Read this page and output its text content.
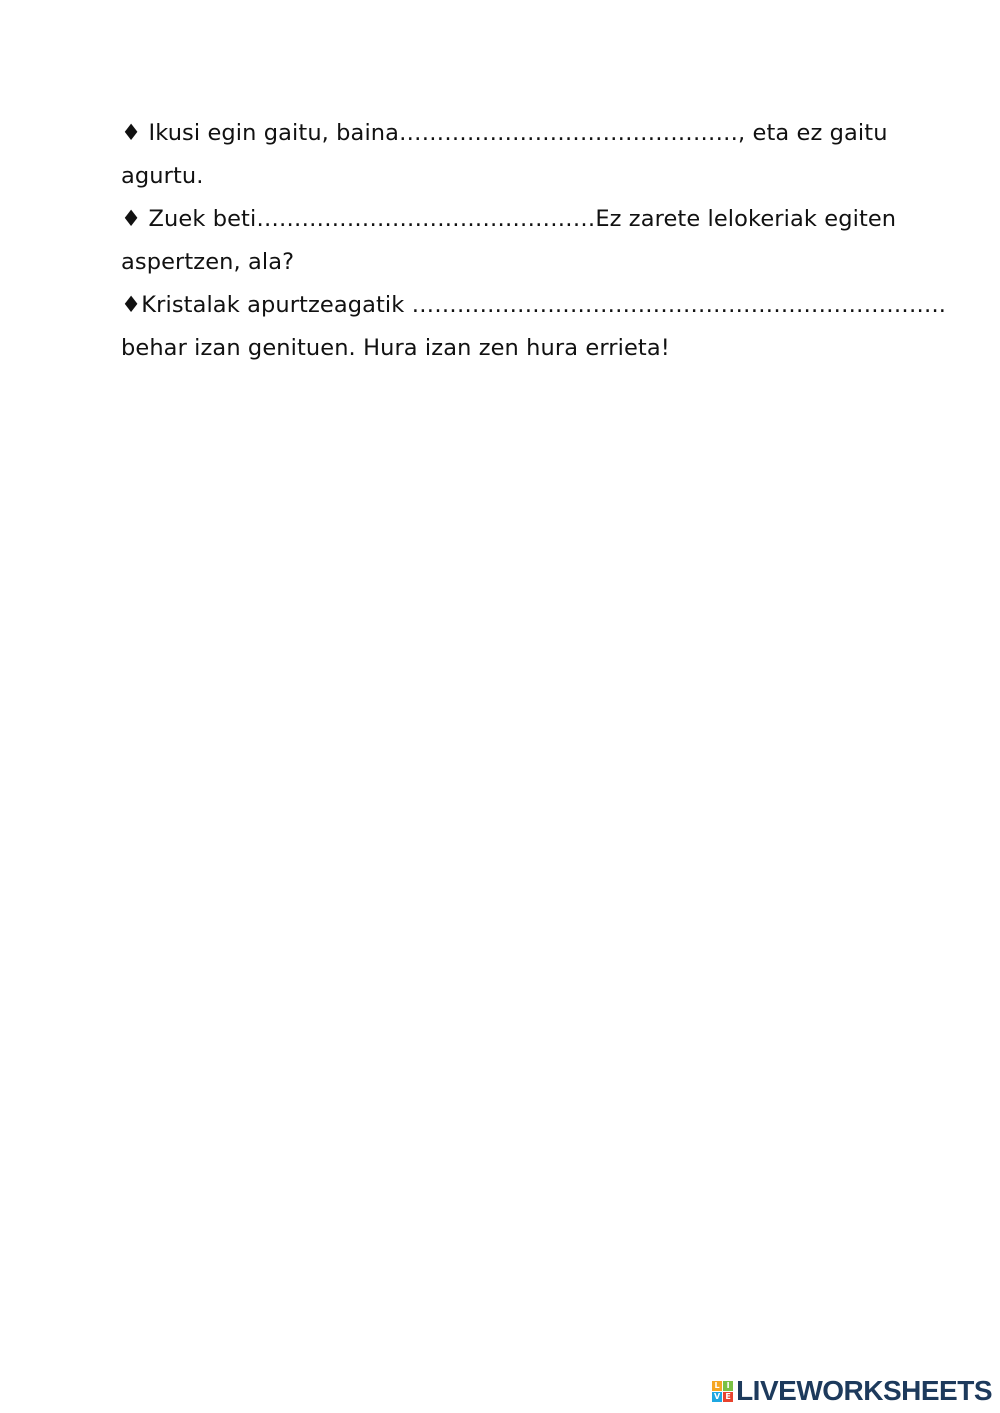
♦ Ikusi egin gaitu, baina………………………………………, eta ez gaitu
agurtu.
♦ Zuek beti………………………………………Ez zarete lelokeriak egiten
aspertzen, ala?
♦Kristalak apurtzeagatik ……………………………………………………………..
behar izan genituen. Hura izan zen hura errieta!
L I
V E LIVEWORKSHEETS
